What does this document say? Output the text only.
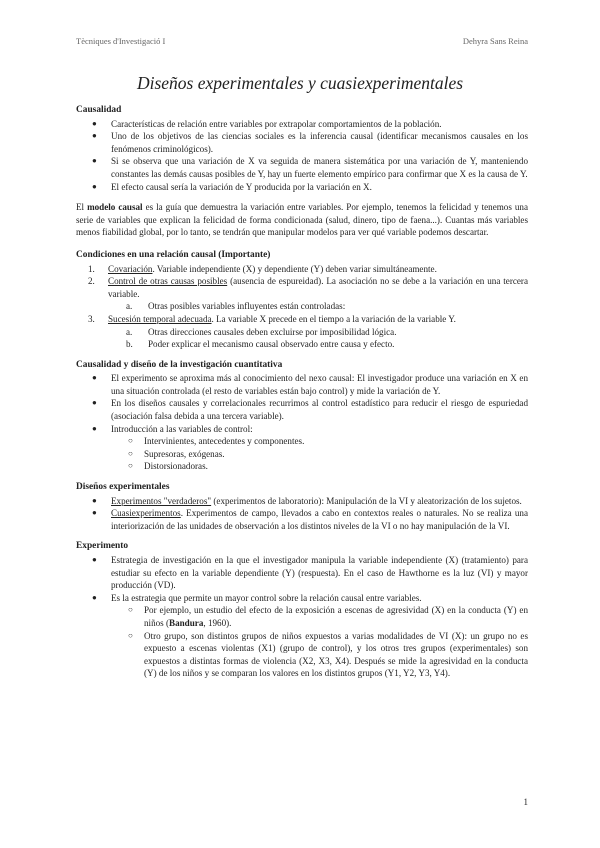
Tècniques d'Investigació I	Dehyra Sans Reina
Diseños experimentales y cuasiexperimentales
Causalidad
●	Características de relación entre variables por extrapolar comportamientos de la población.
●	Uno de los objetivos de las ciencias sociales es la inferencia causal (identificar mecanismos causales en los fenómenos criminológicos).
●	Si se observa que una variación de X va seguida de manera sistemática por una variación de Y, manteniendo constantes las demás causas posibles de Y, hay un fuerte elemento empírico para confirmar que X es la causa de Y.
●	El efecto causal sería la variación de Y producida por la variación en X.

El modelo causal es la guía que demuestra la variación entre variables. Por ejemplo, tenemos la felicidad y tenemos una serie de variables que explican la felicidad de forma condicionada (salud, dinero, tipo de faena...). Cuantas más variables menos fiabilidad global, por lo tanto, se tendrán que manipular modelos para ver qué variable podemos descartar.

Condiciones en una relación causal (Importante)
1.	Covariación. Variable independiente (X) y dependiente (Y) deben variar simultáneamente.
2.	Control de otras causas posibles (ausencia de espureidad). La asociación no se debe a la variación en una tercera variable.
a.	Otras posibles variables influyentes están controladas:
3.	Sucesión temporal adecuada. La variable X precede en el tiempo a la variación de la variable Y.
a.	Otras direcciones causales deben excluirse por imposibilidad lógica.
b.	Poder explicar el mecanismo causal observado entre causa y efecto.
Causalidad y diseño de la investigación cuantitativa
●	El experimento se aproxima más al conocimiento del nexo causal: El investigador produce una variación en X en una situación controlada (el resto de variables están bajo control) y mide la variación de Y.
●	En los diseños causales y correlacionales recurrimos al control estadístico para reducir el riesgo de espuriedad (asociación falsa debida a una tercera variable).
●	Introducción a las variables de control:
○	Intervinientes, antecedentes y componentes.
○	Supresoras, exógenas.
○	Distorsionadoras.
Diseños experimentales
●	Experimentos "verdaderos" (experimentos de laboratorio): Manipulación de la VI y aleatorización de los sujetos.
●	Cuasiexperimentos. Experimentos de campo, llevados a cabo en contextos reales o naturales. No se realiza una interiorización de las unidades de observación a los distintos niveles de la VI o no hay manipulación de la VI.
Experimento
●	Estrategia de investigación en la que el investigador manipula la variable independiente (X) (tratamiento) para estudiar su efecto en la variable dependiente (Y) (respuesta). En el caso de Hawthorne es la luz (VI) y mayor producción (VD).
●	Es la estrategia que permite un mayor control sobre la relación causal entre variables.
○	Por ejemplo, un estudio del efecto de la exposición a escenas de agresividad (X) en la conducta (Y) en niños (Bandura, 1960).
○	Otro grupo, son distintos grupos de niños expuestos a varias modalidades de VI (X): un grupo no es expuesto a escenas violentas (X1) (grupo de control), y los otros tres grupos (experimentales) son expuestos a distintas formas de violencia (X2, X3, X4). Después se mide la agresividad en la conducta (Y) de los niños y se comparan los valores en los distintos grupos (Y1, Y2, Y3, Y4).
1
